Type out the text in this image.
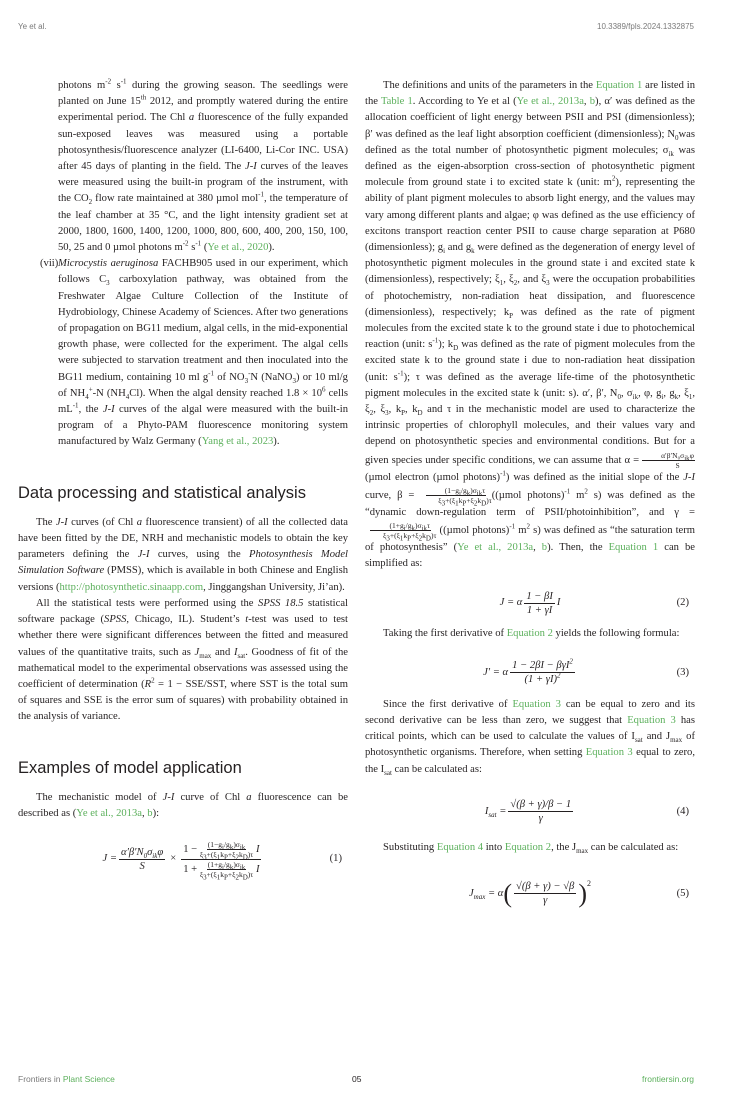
Ye et al.	10.3389/fpls.2024.1332875

photons $m^{-2}$ $s^{-1}$ during the growing season. The seedlings were planted on June 15th 2012, and promptly watered during the entire experimental period. The Chl a fluorescence of the fully expanded sun-exposed leaves was measured using a portable photosynthesis/fluorescence analyzer (LI-6400, Li-Cor INC. USA) after 45 days of planting in the field. The J-I curves of the leaves were measured using the built-in program of the instrument, with the $CO_2$ flow rate maintained at 380 µmol mol$^{-1}$, the temperature of the leaf chamber at 35 °C, and the light intensity gradient set at 2000, 1800, 1600, 1400, 1200, 1000, 800, 600, 400, 200, 150, 100, 50, 25 and 0 µmol photons $m^{-2}$ $s^{-1}$ (Ye et al., 2020).

(vii) Microcystis aeruginosa FACHB905 used in our experiment, which follows $C_3$ carboxylation pathway, was obtained from the Freshwater Algae Culture Collection of the Institute of Hydrobiology, Chinese Academy of Sciences. After two generations of propagation on BG11 medium, algal cells, in the mid-exponential growth phase, were collected for the experiment. The algal cells were subjected to starvation treatment and then inoculated into the BG11 medium, containing 10 ml $g^{-1}$ of $NO_3^-N$ (NaNO$_3$) or 10 ml/g of $NH_4^+-N$ $(NH_4Cl)$. When the algal density reached $1.8 \times 10^6$ cells $mL^{-1}$, the J-I curves of the algal were measured with the built-in program of a Phyto-PAM fluorescence monitoring system manufactured by Walz Germany (Yang et al., 2023).

Data processing and statistical analysis

The J-I curves (of Chl a fluorescence transient) of all the collected data have been fitted by the DE, NRH and mechanistic models to obtain the key parameters defining the J-I curves, using the Photosynthesis Model Simulation Software (PMSS), which is available in both Chinese and English versions (http://photosynthetic.sinaapp.com, Jinggangshan University, Ji’an).

All the statistical tests were performed using the SPSS 18.5 statistical software package (SPSS, Chicago, IL). Student’s t-test was used to test whether there were significant differences between the fitted and measured values of the quantitative traits, such as $J_{max}$ and $I_{sat}$. Goodness of fit of the mathematical model to the experimental observations was assessed using the coefficient of determination ($R^2 = 1 - SSE/SST$, where SST is the total sum of squares and SSE is the error sum of squares) with probability obtained in the analysis of variance.

Examples of model application

The mechanistic model of J-I curve of Chl a fluorescence can be described as (Ye et al., 2013a, b):

$J = \frac{\alpha'\beta'N_0\sigma_{ik}\varphi}{S} \times 1 - (1-g_i/g_k)\sigma_{ik}$
$\xi_3+(\xi_1k_P+\xi_2k_D)\tau$ I
$1 + (1+g_i/g_k)\sigma_{ik}$
$\xi_3+(\xi_1k_P+\xi_2k_D)\tau$ I	(1)

The definitions and units of the parameters in the Equation 1 are listed in the Table 1. According to Ye et al (Ye et al., 2013a, b), α′ was defined as the allocation coefficient of light energy between PSII and PSI (dimensionless); β′ was defined as the leaf light absorption coefficient (dimensionless); $N_0was$ defined as the total number of photosynthetic pigment molecules; $\sigma_{ik}$ was defined as the eigen-absorption cross-section of photosynthetic pigment molecule from ground state i to excited state k (unit: $m^2$), representing the ability of plant pigment molecules to absorb light energy, and the values may vary among different plants and algae; φ was defined as the use efficiency of excitons transport reaction center PSII to cause charge separation at P680 (dimensionless); $g_i$ and $g_k$ were defined as the degeneration of energy level of photosynthetic pigment molecules in the ground state i and excited state k (dimensionless), respectively; $\xi_1$, $\xi_2$, and $\xi_3$ were the occupation probabilities of photochemistry, non-radiation heat dissipation, and fluorescence (dimensionless), respectively; $k_P$ was defined as the rate of pigment molecules from the excited state k to the ground state i due to photochemical reaction (unit: $s^{-1}$); $k_D$ was defined as the rate of pigment molecules from the excited state k to the ground state i due to non-radiation heat dissipation (unit: $s^{-1}$); τ was defined as the average life-time of the photosynthetic pigment molecules in the excited state k (unit: s). α′, β′, $N_0$, $\sigma_{ik}$, φ, $g_i$, $g_k$, $\xi_1$, $\xi_2$, $\xi_3$, $k_P$, $k_D$ and τ in the mechanistic model are used to characterize the intrinsic properties of chlorophyll molecules, and their values vary and depend on photosynthetic species and environmental conditions. But for a given species under specific conditions, we can assume that α =	$\alpha'\beta'N_0\sigma_{ik}\varphi$
S
(µmol electron (µmol photons)$^{-1}$) was defined as the initial slope of the J-I curve, β =	$(1-g_i/g_k)\sigma_{ik}\tau$
$\xi_3+(\xi_1k_P+\xi_2k_D)\tau$ ((µmol photons)$^{-1}$ $m^2$ s) was defined as the “dynamic down-regulation term of PSII/photoinhibition”, and γ =
$(1+g_i/g_k)\sigma_{ik}\tau$
$\xi_3+(\xi_1k_P+\xi_2k_D)\tau$ ((µmol photons)$^{-1}$ $m^2$ s) was defined as “the saturation term of photosynthesis” (Ye et al., 2013a, b). Then, the Equation 1 can be simplified as:

J = α $\frac{1 - \beta I}{1 + \gamma I}$ I	(2)

Taking the first derivative of Equation 2 yields the following formula:

J′ = α $\frac{1 - 2\beta I - \beta\gamma I^2}{(1 + \gamma I)^2}$	(3)

Since the first derivative of Equation 3 can be equal to zero and its second derivative can be less than zero, we suggest that Equation 3 has critical points, which can be used to calculate the values of $I_{sat}$ and $J_{max}$ of photosynthetic organisms. Therefore, when setting Equation 3 equal to zero, the $I_{sat}$ can be calculated as:

$I_{sat} = \frac{√(\beta + \gamma)/\beta - 1}{\gamma}$	(4)

Substituting Equation 4 into Equation 2, the $J_{max}$ can be calculated as:

$J_{max} = \alpha$ ( $\frac{√(\beta + \gamma) - √\beta}{\gamma} )^2$
(5)
Frontiers in Plant Science	05	frontiersin.org
